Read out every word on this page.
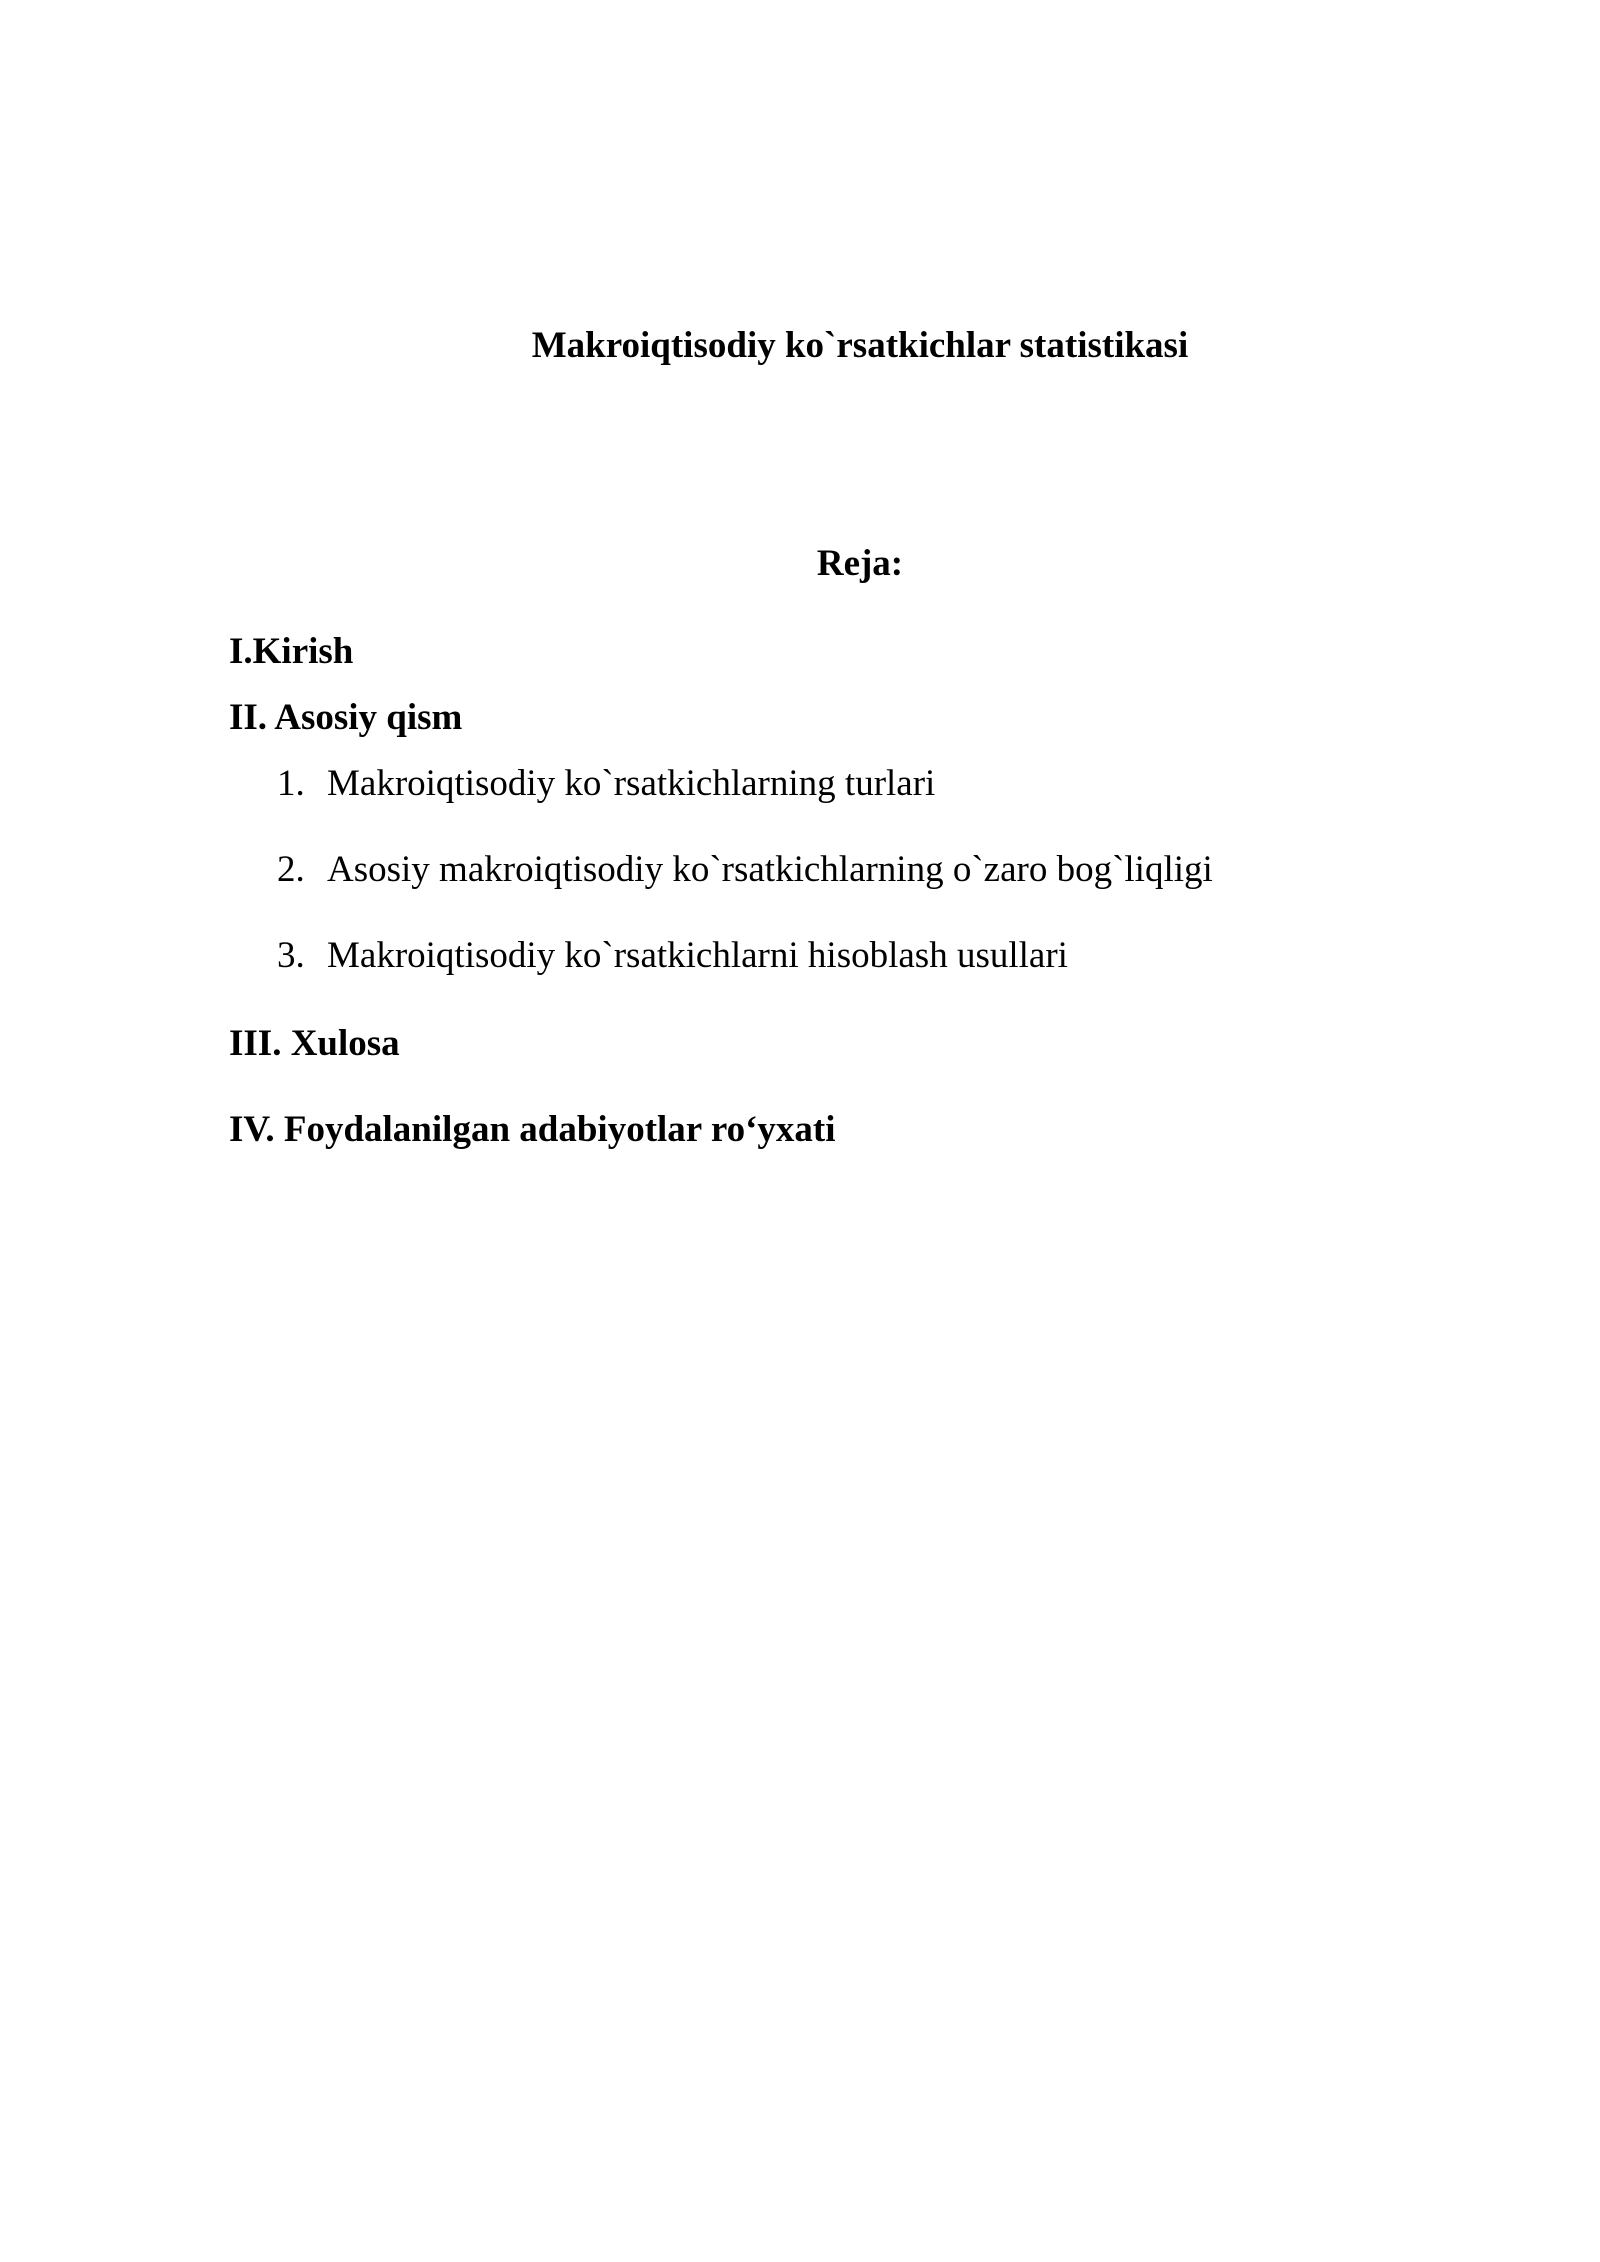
Makroiqtisodiy ko`rsatkichlar statistikasi
Reja:
I.Kirish
II. Asosiy qism
1. Makroiqtisodiy ko`rsatkichlarning turlari
2. Asosiy makroiqtisodiy ko`rsatkichlarning o`zaro bog`liqligi
3. Makroiqtisodiy ko`rsatkichlarni hisoblash usullari
III. Xulosa
IV. Foydalanilgan adabiyotlar ro‘yxati
